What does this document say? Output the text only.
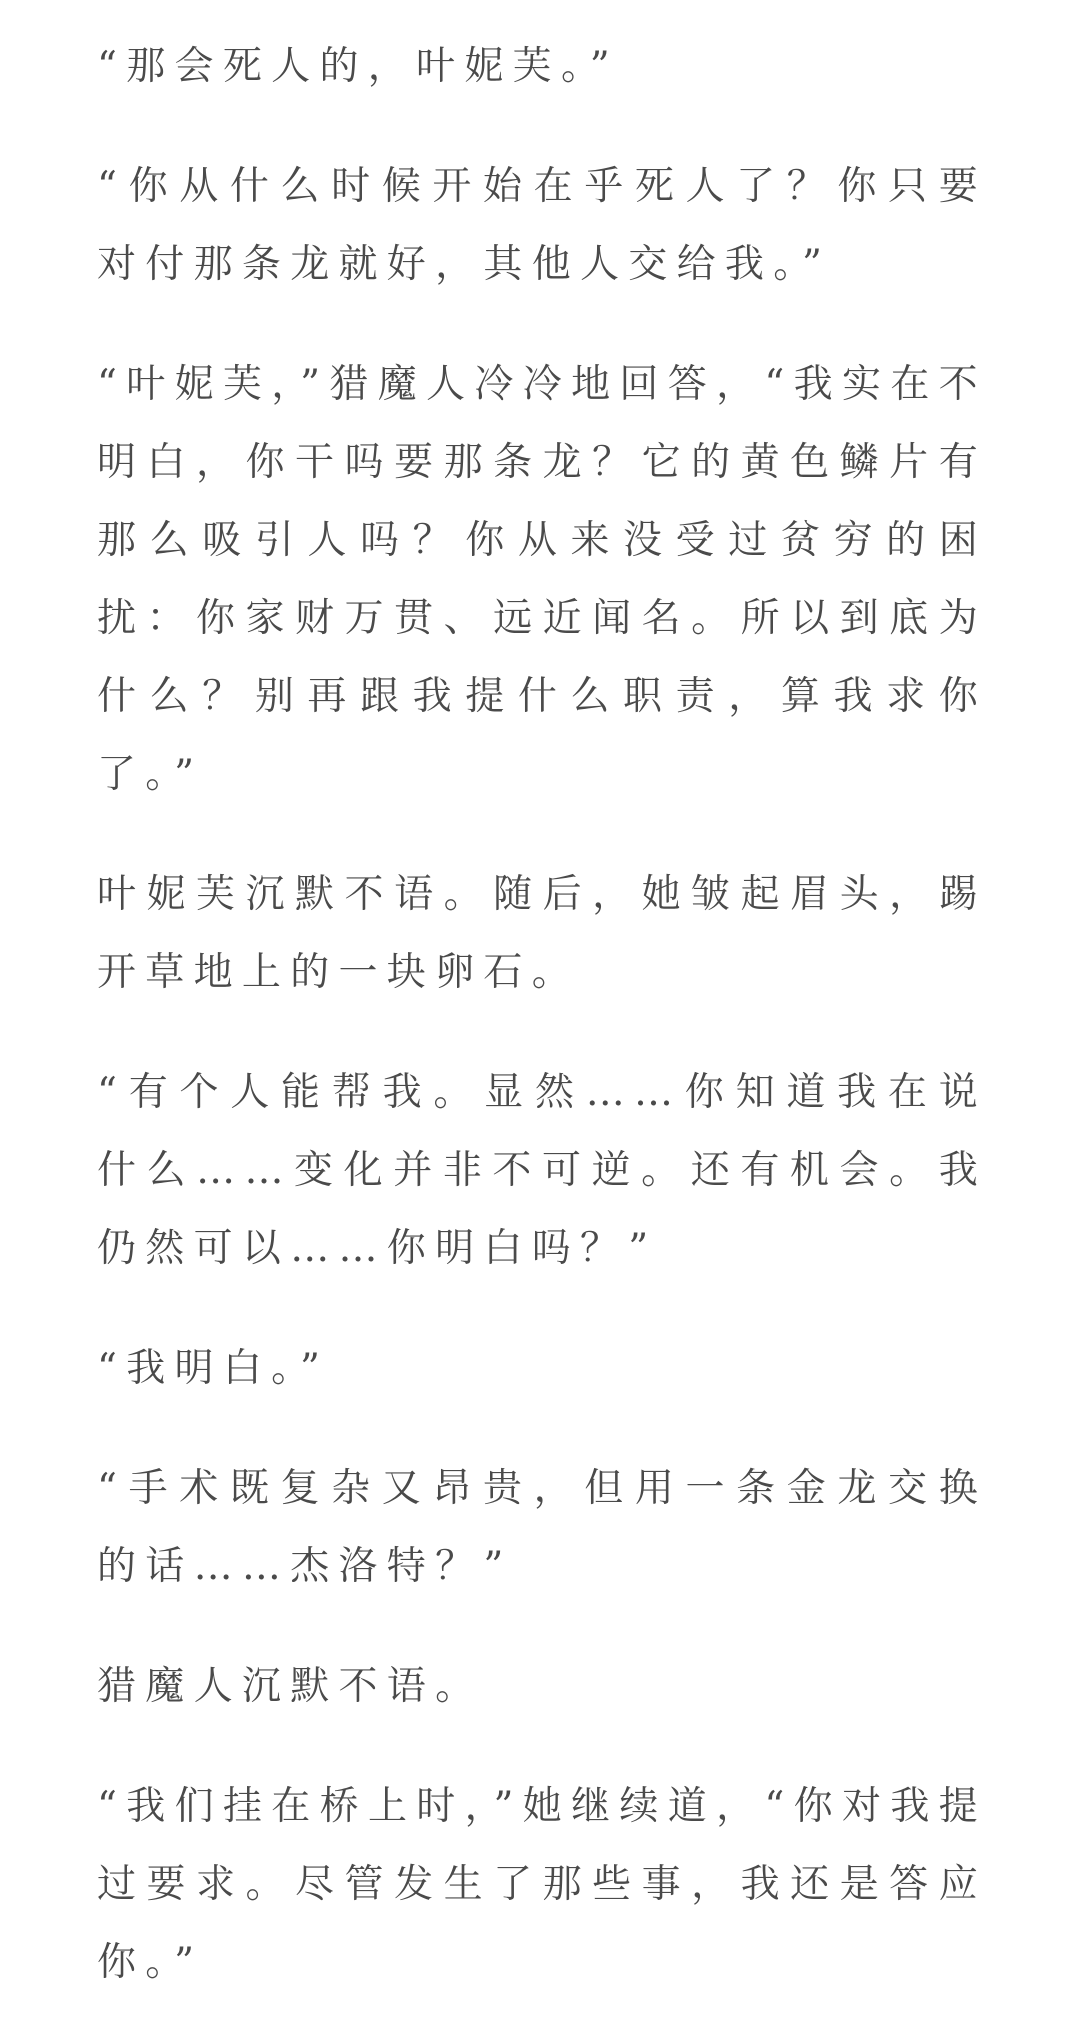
“那会死人的，叶妮芙。”

“你从什么时候开始在乎死人了？你只要对付那条龙就好，其他人交给我。”

“叶妮芙，”猎魔人冷冷地回答，“我实在不明白，你干吗要那条龙？它的黄色鳞片有那么吸引人吗？你从来没受过贫穷的困扰：你家财万贯、远近闻名。所以到底为什么？别再跟我提什么职责，算我求你了。”

叶妮芙沉默不语。随后，她皱起眉头，踢开草地上的一块卵石。

“有个人能帮我。显然……你知道我在说什么……变化并非不可逆。还有机会。我仍然可以……你明白吗？”

“我明白。”

“手术既复杂又昂贵，但用一条金龙交换的话……杰洛特？”

猎魔人沉默不语。

“我们挂在桥上时，”她继续道，“你对我提过要求。尽管发生了那些事，我还是答应你。”
